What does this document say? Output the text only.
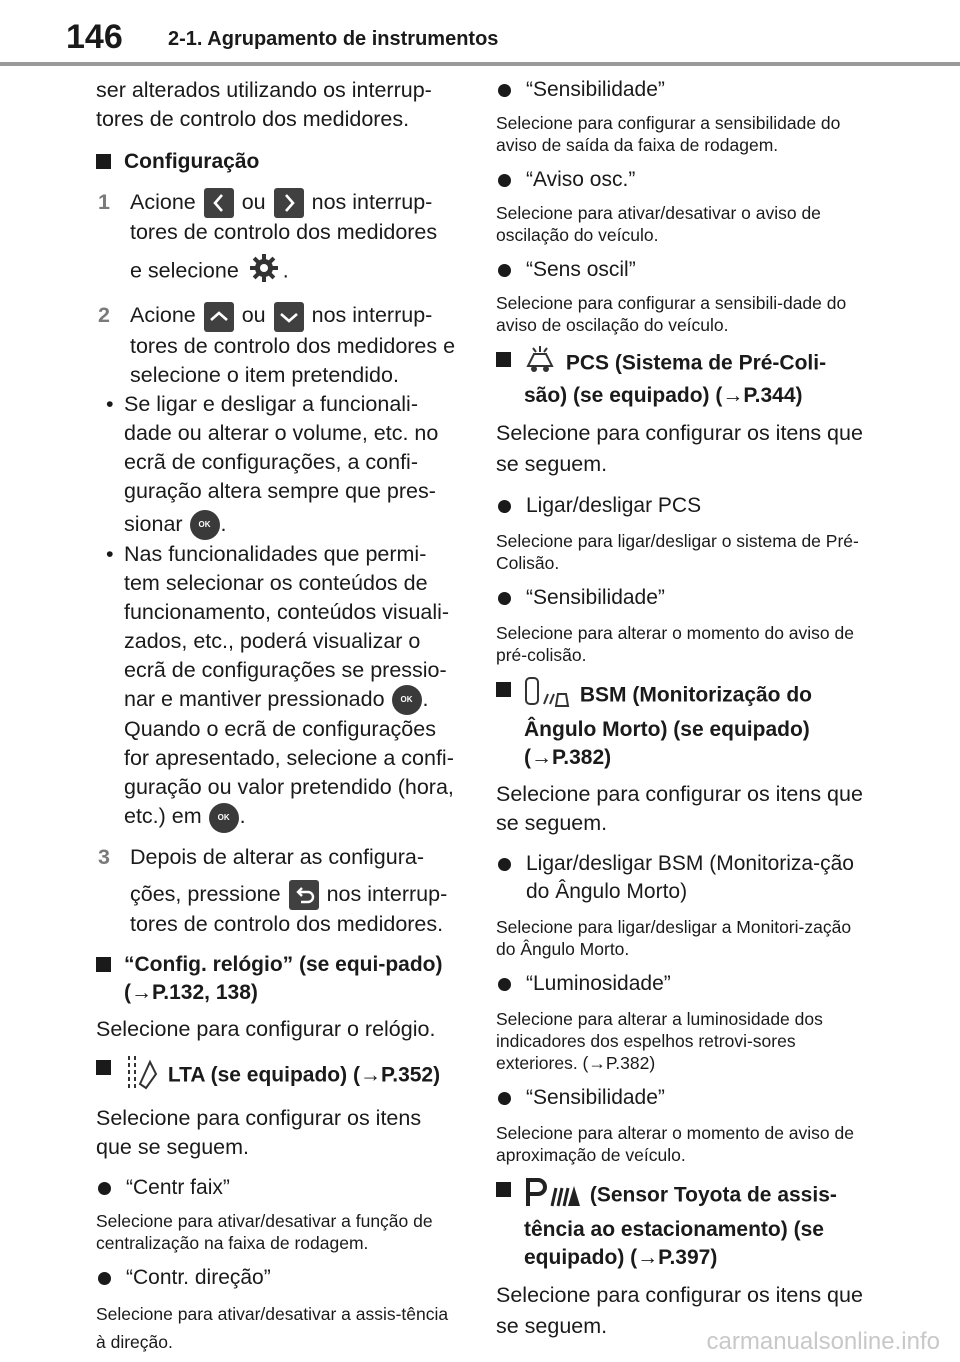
146 2-1. Agrupamento de instrumentos

ser alterados utilizando os interrup-tores de controlo dos medidores.

Configuração
1 Acione ou nos interrup-tores de controlo dos medidores
e selecione .
2 Acione ou nos interrup-tores de controlo dos medidores e selecione o item pretendido.
• Se ligar e desligar a funcionali-dade ou alterar o volume, etc. no ecrã de configurações, a confi-guração altera sempre que pres-
sionar OK .
• Nas funcionalidades que permi-tem selecionar os conteúdos de funcionamento, conteúdos visuali-zados, etc., poderá visualizar o ecrã de configurações se pressio-nar e mantiver pressionado OK . Quando o ecrã de configurações for apresentado, selecione a confi-guração ou valor pretendido (hora, etc.) em OK .
3 Depois de alterar as configura-
ções, pressione nos interrup-tores de controlo dos medidores.
“Config. relógio” (se equi-pado) (→P.132, 138)

Selecione para configurar o relógio.

LTA (se equipado) (→P.352)

Selecione para configurar os itens que se seguem.

“Centr faix”

Selecione para ativar/desativar a função de centralização na faixa de rodagem.

“Contr. direção”

Selecione para ativar/desativar a assis-tência à direção.

“Sensibilidade”

Selecione para configurar a sensibilidade do aviso de saída da faixa de rodagem.

“Aviso osc.”

Selecione para ativar/desativar o aviso de oscilação do veículo.

“Sens oscil”

Selecione para configurar a sensibili-dade do aviso de oscilação do veículo.

PCS (Sistema de Pré-Coli-são) (se equipado) (→P.344)

Selecione para configurar os itens que se seguem.

Ligar/desligar PCS

Selecione para ligar/desligar o sistema de Pré-Colisão.

“Sensibilidade”

Selecione para alterar o momento do aviso de pré-colisão.

BSM (Monitorização do Ângulo Morto) (se equipado) (→P.382)

Selecione para configurar os itens que se seguem.

Ligar/desligar BSM (Monitoriza-ção do Ângulo Morto)

Selecione para ligar/desligar a Monitori-zação do Ângulo Morto.

“Luminosidade”

Selecione para alterar a luminosidade dos indicadores dos espelhos retrovi-sores exteriores. (→P.382)

“Sensibilidade”

Selecione para alterar o momento de aviso de aproximação de veículo.

(Sensor Toyota de assis-tência ao estacionamento) (se equipado) (→P.397)

Selecione para configurar os itens que se seguem.

carmanualsonline.info
